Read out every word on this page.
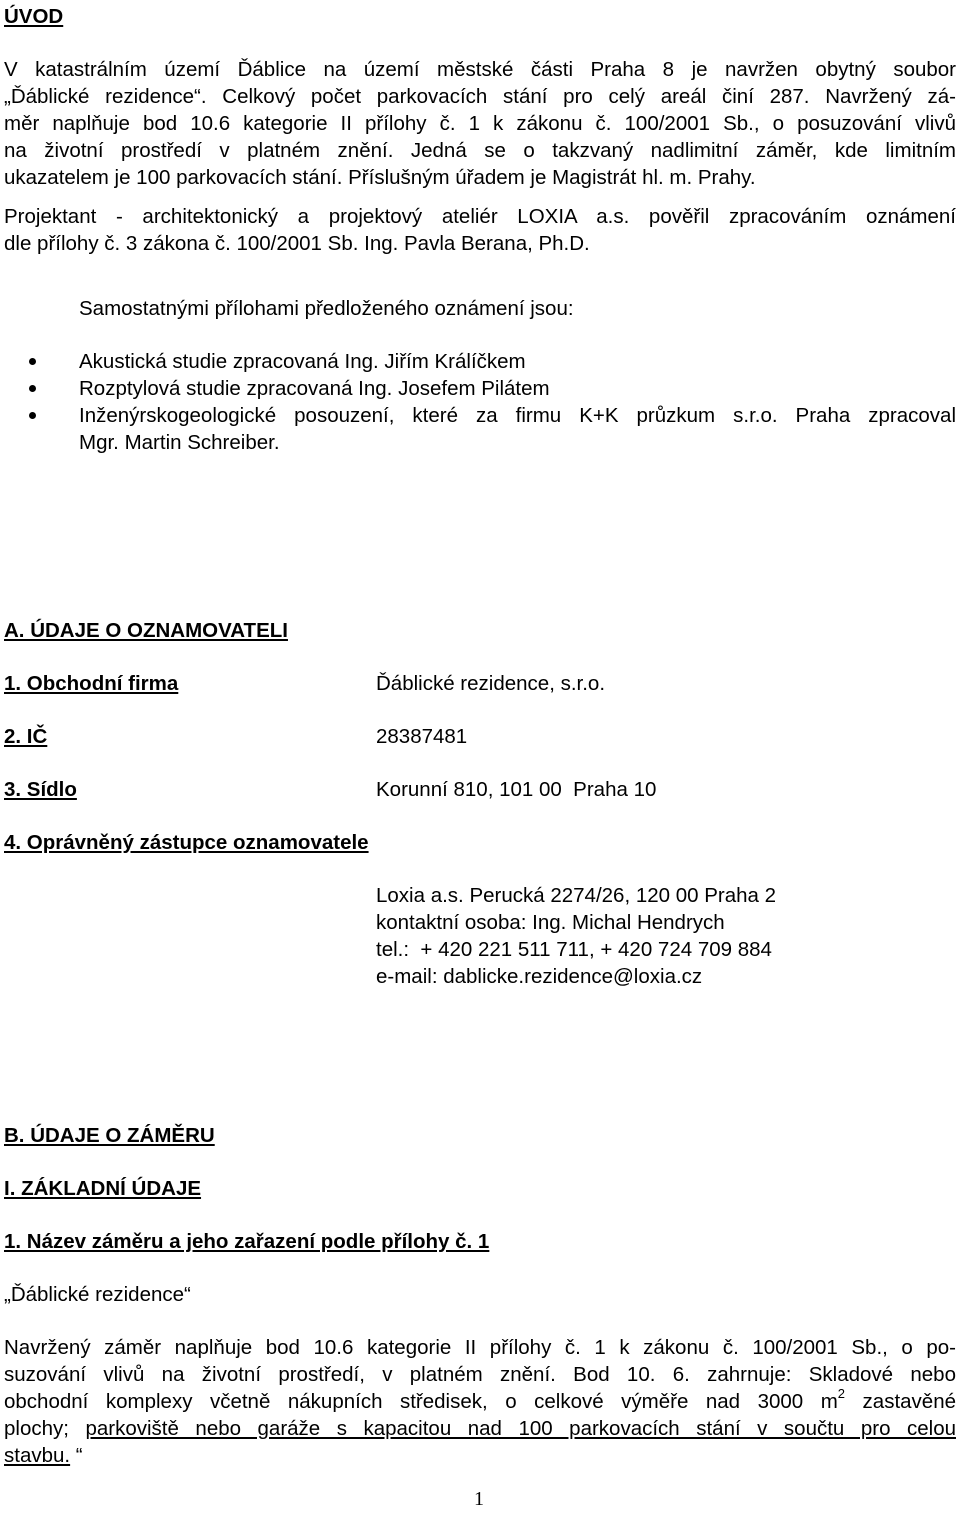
ÚVOD
V katastrálním území Ďáblice na území městské části Praha 8 je navržen obytný soubor
„Ďáblické rezidence“. Celkový počet parkovacích stání pro celý areál činí 287. Navržený zá-
měr naplňuje bod 10.6 kategorie II přílohy č. 1 k zákonu č. 100/2001 Sb., o posuzování vlivů
na životní prostředí v platném znění. Jedná se o takzvaný nadlimitní záměr, kde limitním
ukazatelem je 100 parkovacích stání. Příslušným úřadem je Magistrát hl. m. Prahy.
Projektant - architektonický a projektový ateliér LOXIA a.s. pověřil zpracováním oznámení
dle přílohy č. 3 zákona č. 100/2001 Sb. Ing. Pavla Berana, Ph.D.
Samostatnými přílohami předloženého oznámení jsou:
Akustická studie zpracovaná Ing. Jiřím Králíčkem
Rozptylová studie zpracovaná Ing. Josefem Pilátem
Inženýrskogeologické posouzení, které za firmu K+K průzkum s.r.o. Praha zpracoval
Mgr. Martin Schreiber.
A. ÚDAJE O OZNAMOVATELI
1. Obchodní firma	Ďáblické rezidence, s.r.o.
2. IČ	28387481
3. Sídlo	Korunní 810, 101 00  Praha 10
4. Oprávněný zástupce oznamovatele
Loxia a.s. Perucká 2274/26, 120 00 Praha 2
kontaktní osoba: Ing. Michal Hendrych
tel.:  + 420 221 511 711, + 420 724 709 884
e-mail: dablicke.rezidence@loxia.cz
B. ÚDAJE O ZÁMĚRU
I. ZÁKLADNÍ ÚDAJE
1. Název záměru a jeho zařazení podle přílohy č. 1
„Ďáblické rezidence“
Navržený záměr naplňuje bod 10.6 kategorie II přílohy č. 1 k zákonu č. 100/2001 Sb., o po-
suzování vlivů na životní prostředí, v platném znění. Bod 10. 6. zahrnuje: Skladové nebo
obchodní komplexy včetně nákupních středisek, o celkové výměře nad 3000 $m^2$ zastavěné
plochy; parkoviště nebo garáže s kapacitou nad 100 parkovacích stání v součtu pro celou
stavbu. “
1
